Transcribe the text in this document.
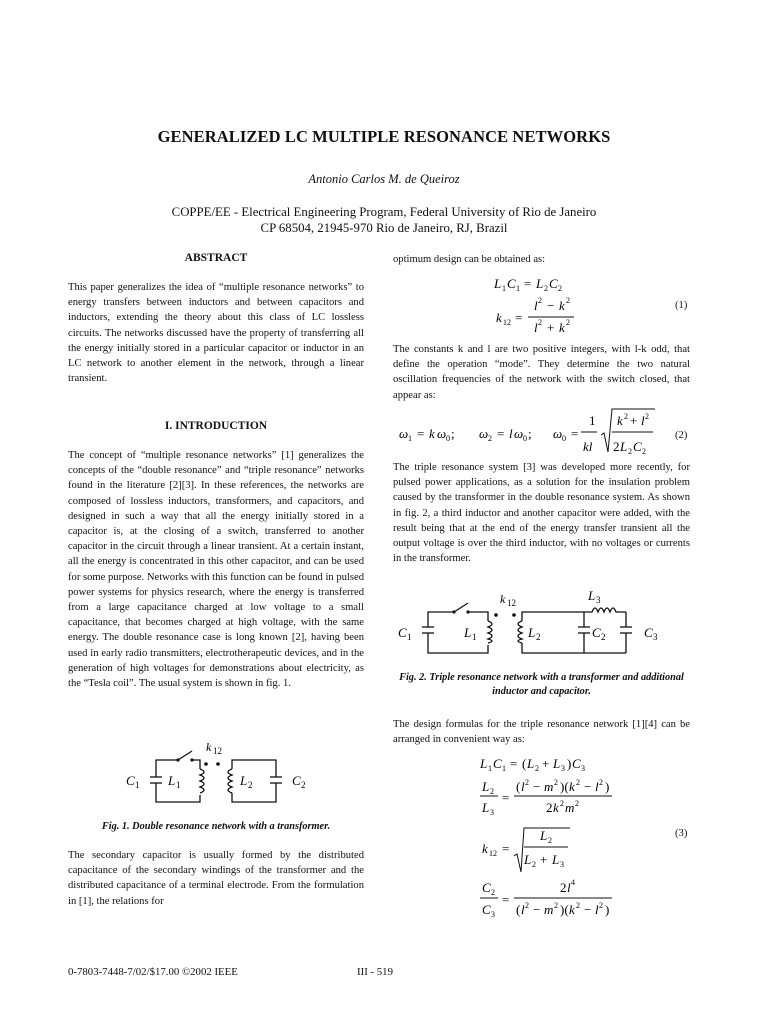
GENERALIZED LC MULTIPLE RESONANCE NETWORKS
Antonio Carlos M. de Queiroz
COPPE/EE - Electrical Engineering Program, Federal University of Rio de Janeiro
CP 68504, 21945-970 Rio de Janeiro, RJ, Brazil
ABSTRACT

This paper generalizes the idea of “multiple resonance networks” to energy transfers between inductors and between capacitors and inductors, extending the theory about this class of LC lossless circuits. The networks discussed have the property of transferring all the energy initially stored in a particular capacitor or inductor in an LC network to another element in the network, through a linear transient.

I. INTRODUCTION

The concept of “multiple resonance networks” [1] generalizes the concepts of the “double resonance” and “triple resonance” networks found in the literature [2][3]. In these references, the networks are composed of lossless inductors, transformers, and capacitors, and designed in such a way that all the energy initially stored in a capacitor is, at the closing of a switch, transferred to another capacitor in the circuit through a linear transient. At a certain instant, all the energy is concentrated in this other capacitor, and can be used for some purpose. Networks with this function can be found in pulsed power systems for physics research, where the energy is transferred from a large capacitance charged at low voltage to a small capacitance, that becomes charged at high voltage, with the same energy. The double resonance case is long known [2], having been used in early radio transmitters, electrotherapeutic devices, and in the generation of high voltages for demonstrations about electricity, as the “Tesla coil”. The usual system is shown in fig. 1.

k 12
C 1 L 1	L 2	C 2
Fig. 1. Double resonance network with a transformer.

The secondary capacitor is usually formed by the distributed capacitance of the secondary windings of the transformer and the distributed capacitance of a terminal electrode. From the formulation in [1], the relations for

optimum design can be obtained as:

L 1 C 1 = L 2 C 2
k 12 =
l 2 − k 2
l 2 + k 2
(1)

The constants k and l are two positive integers, with l-k odd, that define the operation “mode”. They determine the two natural oscillation frequencies of the network with the switch closed, that appear as:

ω 1 = k ω 0 ; ω 2 = l ω 0 ; ω 0 =
1
kl
k 2 + l 2
2 L 2 C 2
(2)

The triple resonance system [3] was developed more recently, for pulsed power applications, as a solution for the insulation problem caused by the transformer in the double resonance system. As shown in fig. 2, a third inductor and another capacitor were added, with the result being that at the end of the energy transfer transient all the output voltage is over the third inductor, with no voltages or currents in the transformer.

k 12	L 3
C 1	L 1	L 2	C 2	C 3
Fig. 2. Triple resonance network with a transformer and additional inductor and capacitor.

The design formulas for the triple resonance network [1][4] can be arranged in convenient way as:

L 1 C 1 = ( L 2 + L 3 ) C 3
L 2
L 3
=
( l 2 − m 2 )( k 2 − l 2 )
2 k 2 m 2
k 12 =
L 2
L 2 + L 3
C 2
C 3
=
2 l 4
( l 2 − m 2 )( k 2 − l 2 )
(3)
0-7803-7448-7/02/$17.00 ©2002 IEEE	III - 519
